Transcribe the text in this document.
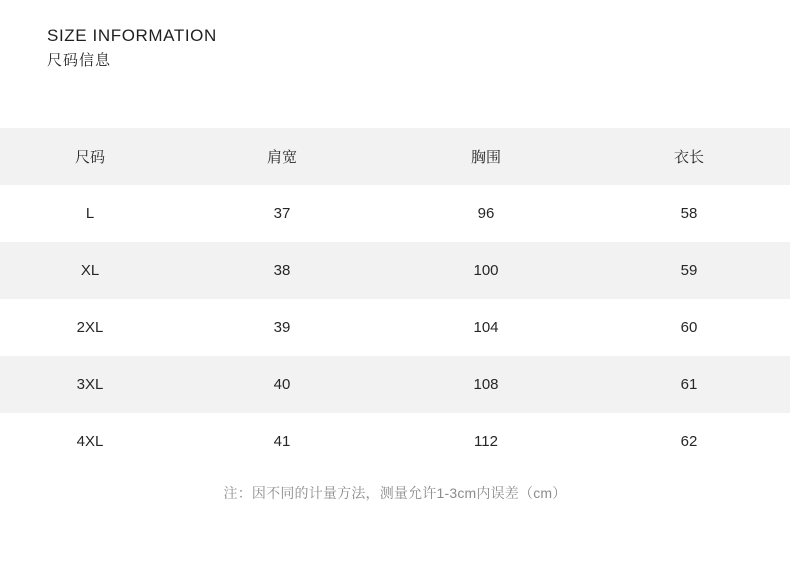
SIZE INFORMATION
尺码信息
尺码	肩宽	胸围	衣长
L	37	96	58
XL	38	100	59
2XL	39	104	60
3XL	40	108	61
4XL	41	112	62
注：因不同的计量方法，测量允许1-3cm内误差（cm）
